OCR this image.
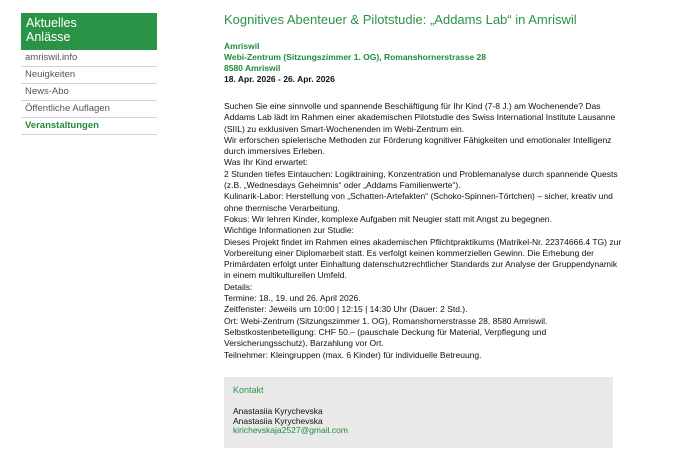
Aktuelles
Anlässe
amriswil.info
Neuigkeiten
News-Abo
Öffentliche Auflagen
Veranstaltungen
Kognitives Abenteuer & Pilotstudie: „Addams Lab“ in Amriswil
Amriswil
Webi-Zentrum (Sitzungszimmer 1. OG), Romanshornerstrasse 28
8580 Amriswil
18. Apr. 2026 - 26. Apr. 2026
Suchen Sie eine sinnvolle und spannende Beschäftigung für Ihr Kind (7-8 J.) am Wochenende? Das
Addams Lab lädt im Rahmen einer akademischen Pilotstudie des Swiss International Institute Lausanne
(SIIL) zu exklusiven Smart-Wochenenden im Webi-Zentrum ein.
Wir erforschen spielerische Methoden zur Förderung kognitiver Fähigkeiten und emotionaler Intelligenz
durch immersives Erleben.
Was Ihr Kind erwartet:
2 Stunden tiefes Eintauchen: Logiktraining, Konzentration und Problemanalyse durch spannende Quests
(z.B. „Wednesdays Geheimnis“ oder „Addams Familienwerte“).
Kulinarik-Labor: Herstellung von „Schatten-Artefakten“ (Schoko-Spinnen-Törtchen) – sicher, kreativ und
ohne thermische Verarbeitung.
Fokus: Wir lehren Kinder, komplexe Aufgaben mit Neugier statt mit Angst zu begegnen.
Wichtige Informationen zur Studie:
Dieses Projekt findet im Rahmen eines akademischen Pflichtpraktikums (Matrikel-Nr. 22374666.4 TG) zur
Vorbereitung einer Diplomarbeit statt. Es verfolgt keinen kommerziellen Gewinn. Die Erhebung der
Primärdaten erfolgt unter Einhaltung datenschutzrechtlicher Standards zur Analyse der Gruppendynamik
in einem multikulturellen Umfeld.
Details:
Termine: 18., 19. und 26. April 2026.
Zeitfenster: Jeweils um 10:00 | 12:15 | 14:30 Uhr (Dauer: 2 Std.).
Ort: Webi-Zentrum (Sitzungszimmer 1. OG), Romanshornerstrasse 28, 8580 Amriswil.
Selbstkostenbeteiligung: CHF 50.– (pauschale Deckung für Material, Verpflegung und
Versicherungsschutz). Barzahlung vor Ort.
Teilnehmer: Kleingruppen (max. 6 Kinder) für individuelle Betreuung.
Kontakt
Anastasiia Kyrychevska
Anastasiia Kyrychevska
kirichevskaja2527@gmail.com
